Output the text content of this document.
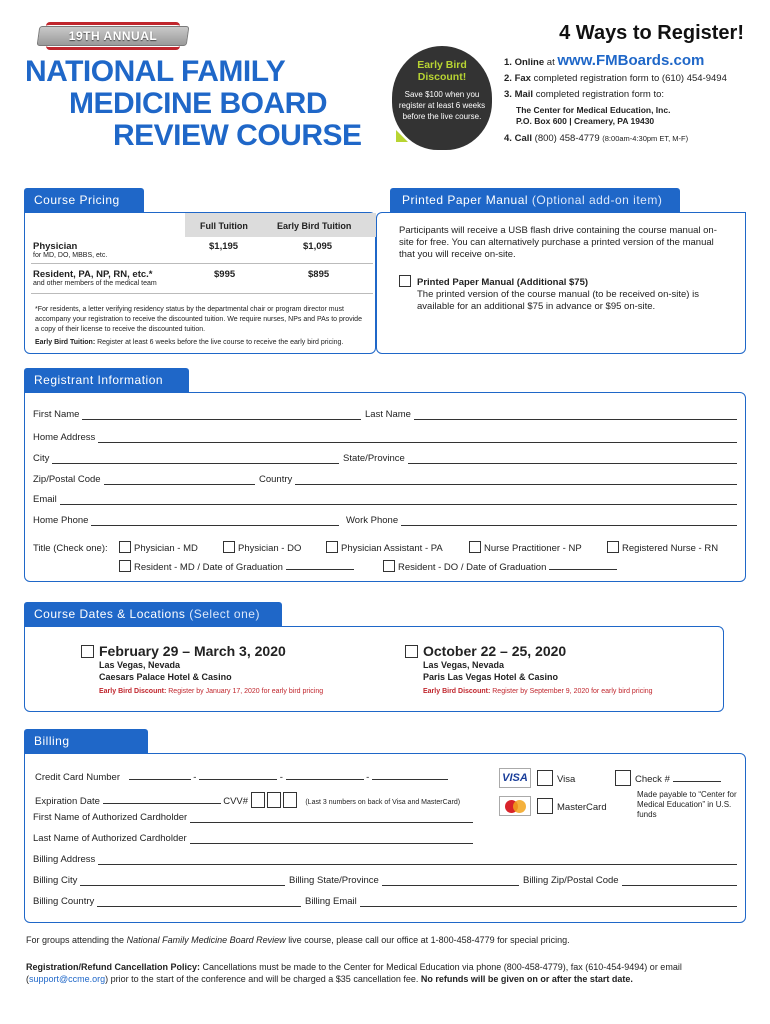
19TH ANNUAL
NATIONAL FAMILY
MEDICINE BOARD
REVIEW COURSE
Early Bird Discount!
Save $100 when you register at least 6 weeks before the live course.
4 Ways to Register!
1. Online at www.FMBoards.com
2. Fax completed registration form to (610) 454-9494
3. Mail completed registration form to:
The Center for Medical Education, Inc.
P.O. Box 600 | Creamery, PA 19430
4. Call (800) 458-4779 (8:00am-4:30pm ET, M-F)
Course Pricing
Full Tuition	Early Bird Tuition
Physician
for MD, DO, MBBS, etc.
$1,195	$1,095
Resident, PA, NP, RN, etc.*
and other members of the medical team
$995	$895
*For residents, a letter verifying residency status by the departmental chair or program director must accompany your registration to receive the discounted tuition. We require nurses, NPs and PAs to provide a copy of their license to receive the discounted tuition.
Early Bird Tuition: Register at least 6 weeks before the live course to receive the early bird pricing.
Printed Paper Manual (Optional add-on item)
Participants will receive a USB flash drive containing the course manual on-site for free. You can alternatively purchase a printed version of the manual that you will receive on-site.
Printed Paper Manual (Additional $75)
The printed version of the course manual (to be received on-site) is available for an additional $75 in advance or $95 on-site.
Registrant Information
First Name	Last Name
Home Address
City	State/Province
Zip/Postal Code	Country
Email
Home Phone	Work Phone
Title (Check one):	Physician - MD	Physician - DO	Physician Assistant - PA	Nurse Practitioner - NP	Registered Nurse - RN
Resident - MD / Date of Graduation	Resident - DO / Date of Graduation
Course Dates & Locations (Select one)
February 29 – March 3, 2020
Las Vegas, Nevada
Caesars Palace Hotel & Casino
Early Bird Discount: Register by January 17, 2020 for early bird pricing
October 22 – 25, 2020
Las Vegas, Nevada
Paris Las Vegas Hotel & Casino
Early Bird Discount: Register by September 9, 2020 for early bird pricing
Billing
Credit Card Number	-	-	-
Expiration Date	CVV#	(Last 3 numbers on back of Visa and MasterCard)
First Name of Authorized Cardholder
Last Name of Authorized Cardholder
Billing Address
Billing City	Billing State/Province	Billing Zip/Postal Code
Billing Country	Billing Email
VISA	Visa
MasterCard
Check #
Made payable to “Center for Medical Education” in U.S. funds
For groups attending the National Family Medicine Board Review live course, please call our office at 1-800-458-4779 for special pricing.
Registration/Refund Cancellation Policy: Cancellations must be made to the Center for Medical Education via phone (800-458-4779), fax (610-454-9494) or email (support@ccme.org) prior to the start of the conference and will be charged a $35 cancellation fee. No refunds will be given on or after the start date.
